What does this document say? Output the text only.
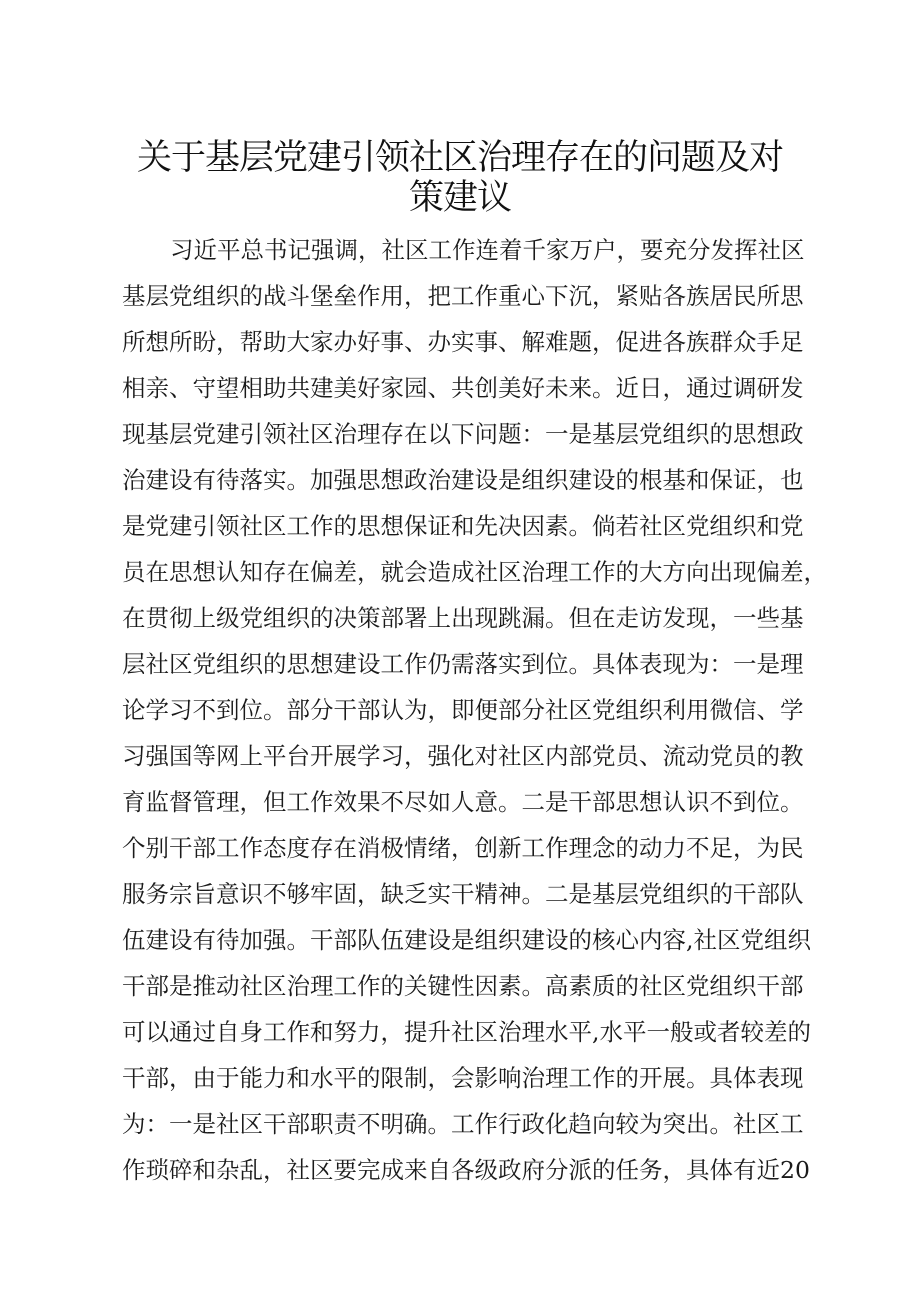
关于基层党建引领社区治理存在的问题及对
策建议
习近平总书记强调，社区工作连着千家万户，要充分发挥社区
基层党组织的战斗堡垒作用，把工作重心下沉，紧贴各族居民所思
所想所盼，帮助大家办好事、办实事、解难题，促进各族群众手足
相亲、守望相助共建美好家园、共创美好未来。近日，通过调研发
现基层党建引领社区治理存在以下问题：一是基层党组织的思想政
治建设有待落实。加强思想政治建设是组织建设的根基和保证，也
是党建引领社区工作的思想保证和先决因素。倘若社区党组织和党
员在思想认知存在偏差，就会造成社区治理工作的大方向出现偏差，
在贯彻上级党组织的决策部署上出现跳漏。但在走访发现，一些基
层社区党组织的思想建设工作仍需落实到位。具体表现为：一是理
论学习不到位。部分干部认为，即便部分社区党组织利用微信、学
习强国等网上平台开展学习，强化对社区内部党员、流动党员的教
育监督管理，但工作效果不尽如人意。二是干部思想认识不到位。
个别干部工作态度存在消极情绪，创新工作理念的动力不足，为民
服务宗旨意识不够牢固，缺乏实干精神。二是基层党组织的干部队
伍建设有待加强。干部队伍建设是组织建设的核心内容,社区党组织
干部是推动社区治理工作的关键性因素。高素质的社区党组织干部
可以通过自身工作和努力，提升社区治理水平,水平一般或者较差的
干部，由于能力和水平的限制，会影响治理工作的开展。具体表现
为：一是社区干部职责不明确。工作行政化趋向较为突出。社区工
作琐碎和杂乱，社区要完成来自各级政府分派的任务，具体有近20
